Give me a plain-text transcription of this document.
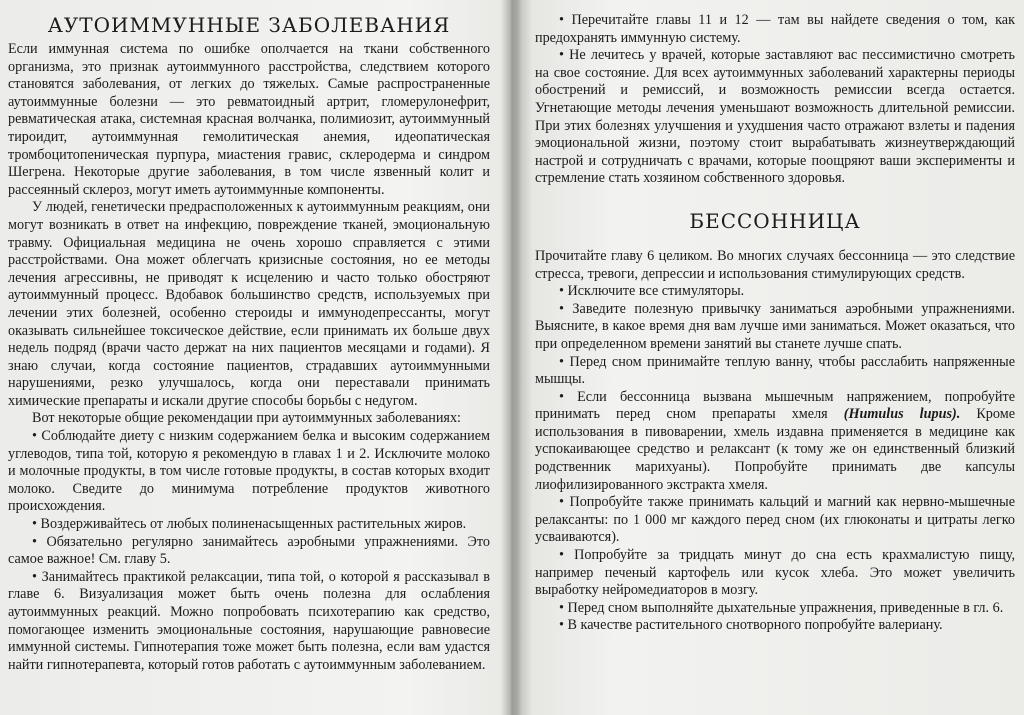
АУТОИММУННЫЕ ЗАБОЛЕВАНИЯ

Если иммунная система по ошибке ополчается на ткани собственного организма, это признак аутоиммунного расстройства, следствием которого становятся заболевания, от легких до тяжелых. Самые распространенные аутоиммунные болезни — это ревматоидный артрит, гломерулонефрит, ревматическая атака, системная красная волчанка, полимиозит, аутоиммунный тироидит, аутоиммунная гемолитическая анемия, идеопатическая тромбоцитопеническая пурпура, миастения гравис, склеродерма и синдром Шегрена. Некоторые другие заболевания, в том числе язвенный колит и рассеянный склероз, могут иметь аутоиммунные компоненты.

У людей, генетически предрасположенных к аутоиммунным реакциям, они могут возникать в ответ на инфекцию, повреждение тканей, эмоциональную травму. Официальная медицина не очень хорошо справляется с этими расстройствами. Она может облегчать кризисные состояния, но ее методы лечения агрессивны, не приводят к исцелению и часто только обостряют аутоиммунный процесс. Вдобавок большинство средств, используемых при лечении этих болезней, особенно стероиды и иммунодепрессанты, могут оказывать сильнейшее токсическое действие, если принимать их больше двух недель подряд (врачи часто держат на них пациентов месяцами и годами). Я знаю случаи, когда состояние пациентов, страдавших аутоиммунными нарушениями, резко улучшалось, когда они переставали принимать химические препараты и искали другие способы борьбы с недугом.

Вот некоторые общие рекомендации при аутоиммунных заболеваниях:

• Соблюдайте диету с низким содержанием белка и высоким содержанием углеводов, типа той, которую я рекомендую в главах 1 и 2. Исключите молоко и молочные продукты, в том числе готовые продукты, в состав которых входит молоко. Сведите до минимума потребление продуктов животного происхождения.

• Воздерживайтесь от любых полиненасыщенных растительных жиров.

• Обязательно регулярно занимайтесь аэробными упражнениями. Это самое важное! См. главу 5.

• Занимайтесь практикой релаксации, типа той, о которой я рассказывал в главе 6. Визуализация может быть очень полезна для ослабления аутоиммунных реакций. Можно попробовать психотерапию как средство, помогающее изменить эмоциональные состояния, нарушающие равновесие иммунной системы. Гипнотерапия тоже может быть полезна, если вам удастся найти гипнотерапевта, который готов работать с аутоиммунным заболеванием.

• Перечитайте главы 11 и 12 — там вы найдете сведения о том, как предохранять иммунную систему.

• Не лечитесь у врачей, которые заставляют вас пессимистично смотреть на свое состояние. Для всех аутоиммунных заболеваний характерны периоды обострений и ремиссий, и возможность ремиссии всегда остается. Угнетающие методы лечения уменьшают возможность длительной ремиссии. При этих болезнях улучшения и ухудшения часто отражают взлеты и падения эмоциональной жизни, поэтому стоит вырабатывать жизнеутверждающий настрой и сотрудничать с врачами, которые поощряют ваши эксперименты и стремление стать хозяином собственного здоровья.

БЕССОННИЦА

Прочитайте главу 6 целиком. Во многих случаях бессонница — это следствие стресса, тревоги, депрессии и использования стимулирующих средств.

• Исключите все стимуляторы.

• Заведите полезную привычку заниматься аэробными упражнениями. Выясните, в какое время дня вам лучше ими заниматься. Может оказаться, что при определенном времени занятий вы станете лучше спать.

• Перед сном принимайте теплую ванну, чтобы расслабить напряженные мышцы.

• Если бессонница вызвана мышечным напряжением, попробуйте принимать перед сном препараты хмеля (Humulus lupus). Кроме использования в пивоварении, хмель издавна применяется в медицине как успокаивающее средство и релаксант (к тому же он единственный близкий родственник марихуаны). Попробуйте принимать две капсулы лиофилизированного экстракта хмеля.

• Попробуйте также принимать кальций и магний как нервно-мышечные релаксанты: по 1 000 мг каждого перед сном (их глюконаты и цитраты легко усваиваются).

• Попробуйте за тридцать минут до сна есть крахмалистую пищу, например печеный картофель или кусок хлеба. Это может увеличить выработку нейромедиаторов в мозгу.

• Перед сном выполняйте дыхательные упражнения, приведенные в гл. 6.

• В качестве растительного снотворного попробуйте валериану.
